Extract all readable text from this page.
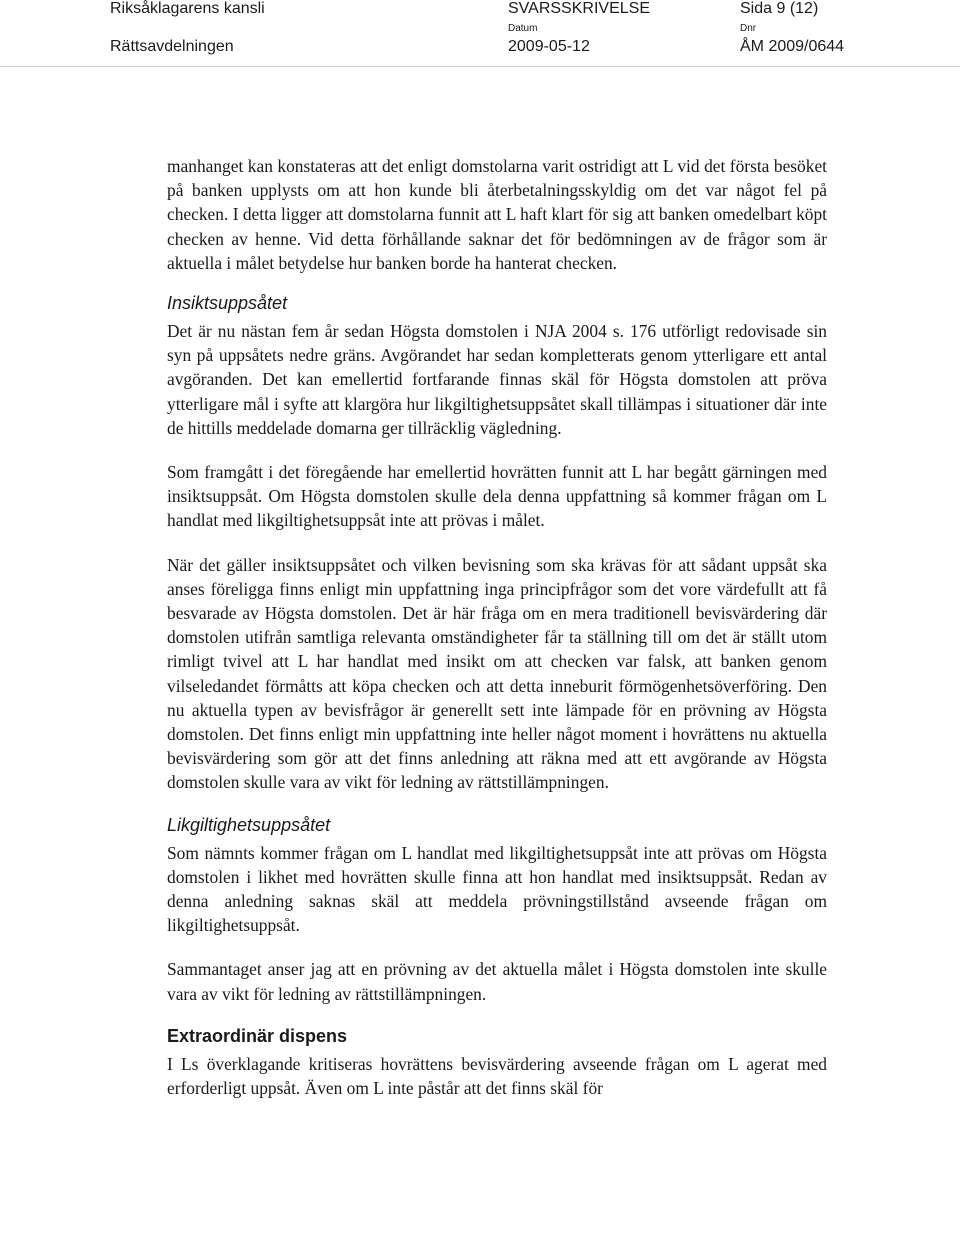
Riksåklagarens kansli
Rättsavdelningen
SVARSSKRIVELSE
Datum
2009-05-12
Sida 9 (12)
Dnr
ÅM 2009/0644

manhanget kan konstateras att det enligt domstolarna varit ostridigt att L vid det första besöket på banken upplysts om att hon kunde bli återbetalningsskyldig om det var något fel på checken. I detta ligger att domstolarna funnit att L haft klart för sig att banken omedelbart köpt checken av henne. Vid detta förhållande saknar det för bedömningen av de frågor som är aktuella i målet betydelse hur banken borde ha hanterat checken.

Insiktsuppsåtet

Det är nu nästan fem år sedan Högsta domstolen i NJA 2004 s. 176 utförligt redovisade sin syn på uppsåtets nedre gräns. Avgörandet har sedan kompletterats genom ytterligare ett antal avgöranden. Det kan emellertid fortfarande finnas skäl för Högsta domstolen att pröva ytterligare mål i syfte att klargöra hur likgiltighetsuppsåtet skall tillämpas i situationer där inte de hittills meddelade domarna ger tillräcklig vägledning.

Som framgått i det föregående har emellertid hovrätten funnit att L har begått gärningen med insiktsuppsåt. Om Högsta domstolen skulle dela denna uppfattning så kommer frågan om L handlat med likgiltighetsuppsåt inte att prövas i målet.

När det gäller insiktsuppsåtet och vilken bevisning som ska krävas för att sådant uppsåt ska anses föreligga finns enligt min uppfattning inga principfrågor som det vore värdefullt att få besvarade av Högsta domstolen. Det är här fråga om en mera traditionell bevisvärdering där domstolen utifrån samtliga relevanta omständigheter får ta ställning till om det är ställt utom rimligt tvivel att L har handlat med insikt om att checken var falsk, att banken genom vilseledandet förmåtts att köpa checken och att detta inneburit förmögenhetsöverföring. Den nu aktuella typen av bevisfrågor är generellt sett inte lämpade för en prövning av Högsta domstolen. Det finns enligt min uppfattning inte heller något moment i hovrättens nu aktuella bevisvärdering som gör att det finns anledning att räkna med att ett avgörande av Högsta domstolen skulle vara av vikt för ledning av rättstillämpningen.

Likgiltighetsuppsåtet

Som nämnts kommer frågan om L handlat med likgiltighetsuppsåt inte att prövas om Högsta domstolen i likhet med hovrätten skulle finna att hon handlat med insiktsuppsåt. Redan av denna anledning saknas skäl att meddela prövningstillstånd avseende frågan om likgiltighetsuppsåt.

Sammantaget anser jag att en prövning av det aktuella målet i Högsta domstolen inte skulle vara av vikt för ledning av rättstillämpningen.

Extraordinär dispens

I Ls överklagande kritiseras hovrättens bevisvärdering avseende frågan om L agerat med erforderligt uppsåt. Även om L inte påstår att det finns skäl för
